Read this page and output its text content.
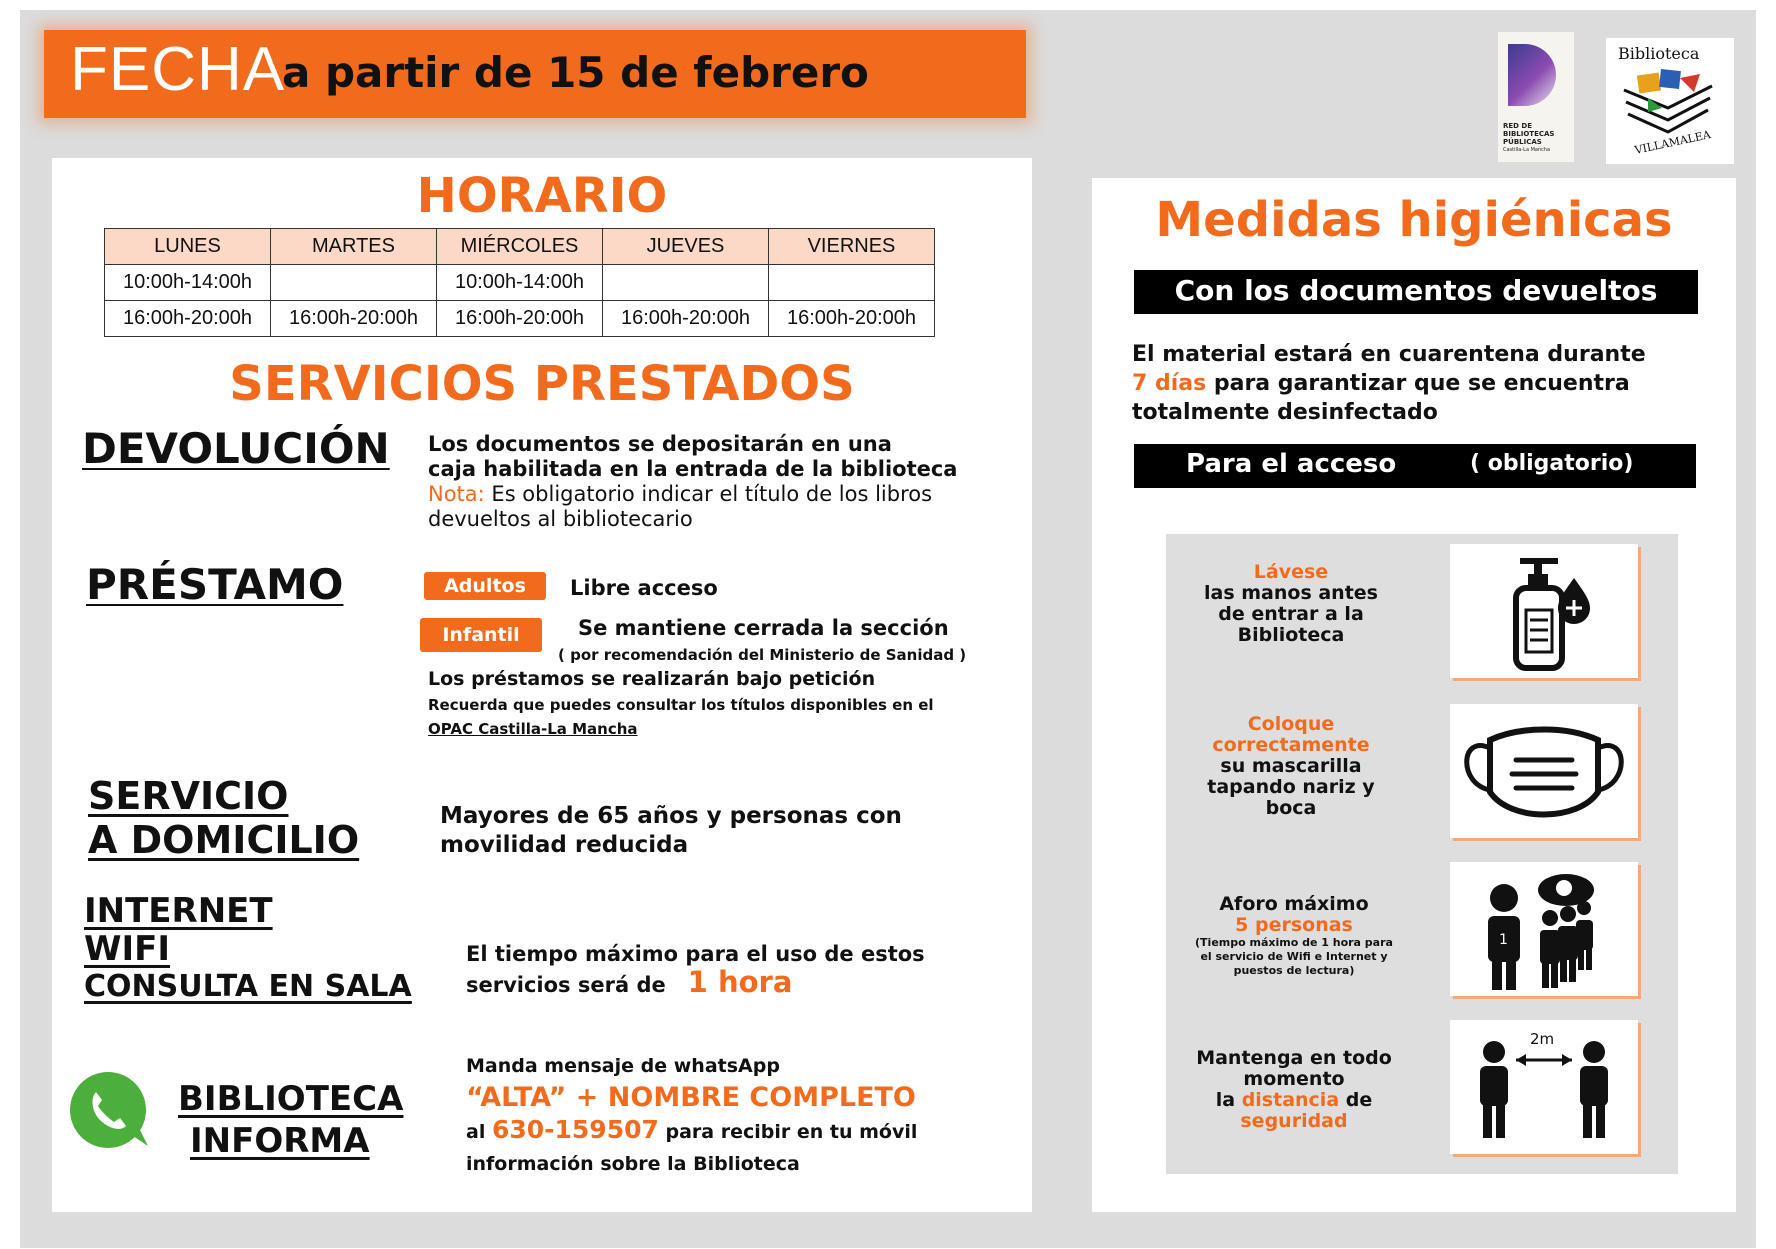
FECHA
a partir de 15 de febrero
RED DE
BIBLIOTECAS
PÚBLICAS
Castilla-La Mancha
Biblioteca
VILLAMALEA
HORARIO
LUNES	MARTES	MIÉRCOLES	JUEVES	VIERNES
10:00h-14:00h		10:00h-14:00h		
16:00h-20:00h	16:00h-20:00h	16:00h-20:00h	16:00h-20:00h	16:00h-20:00h
SERVICIOS PRESTADOS
DEVOLUCIÓN Los documentos se depositarán en una
caja habilitada en la entrada de la biblioteca
Nota: Es obligatorio indicar el título de los libros
devueltos al bibliotecario
PRÉSTAMO	Adultos	Libre acceso
Infantil	Se mantiene cerrada la sección
( por recomendación del Ministerio de Sanidad )
Los préstamos se realizarán bajo petición
Recuerda que puedes consultar los títulos disponibles en el
OPAC Castilla-La Mancha
SERVICIO
A DOMICILIO
Mayores de 65 años y personas con
movilidad reducida
INTERNET
WIFI
CONSULTA EN SALA
El tiempo máximo para el uso de estos
servicios será de 1 hora
BIBLIOTECA
INFORMA
Manda mensaje de whatsApp
“ALTA” + NOMBRE COMPLETO
al 630-159507 para recibir en tu móvil
información sobre la Biblioteca
Medidas higiénicas
Con los documentos devueltos
El material estará en cuarentena durante
7 días para garantizar que se encuentra
totalmente desinfectado
Para el acceso	( obligatorio)
Lávese
las manos antes
de entrar a la
Biblioteca
Coloque
correctamente
su mascarilla
tapando nariz y
boca
Aforo máximo
5 personas
(Tiempo máximo de 1 hora para
el servicio de Wifi e Internet y
puestos de lectura)
1
Mantenga en todo
momento
la distancia de
seguridad
2m
